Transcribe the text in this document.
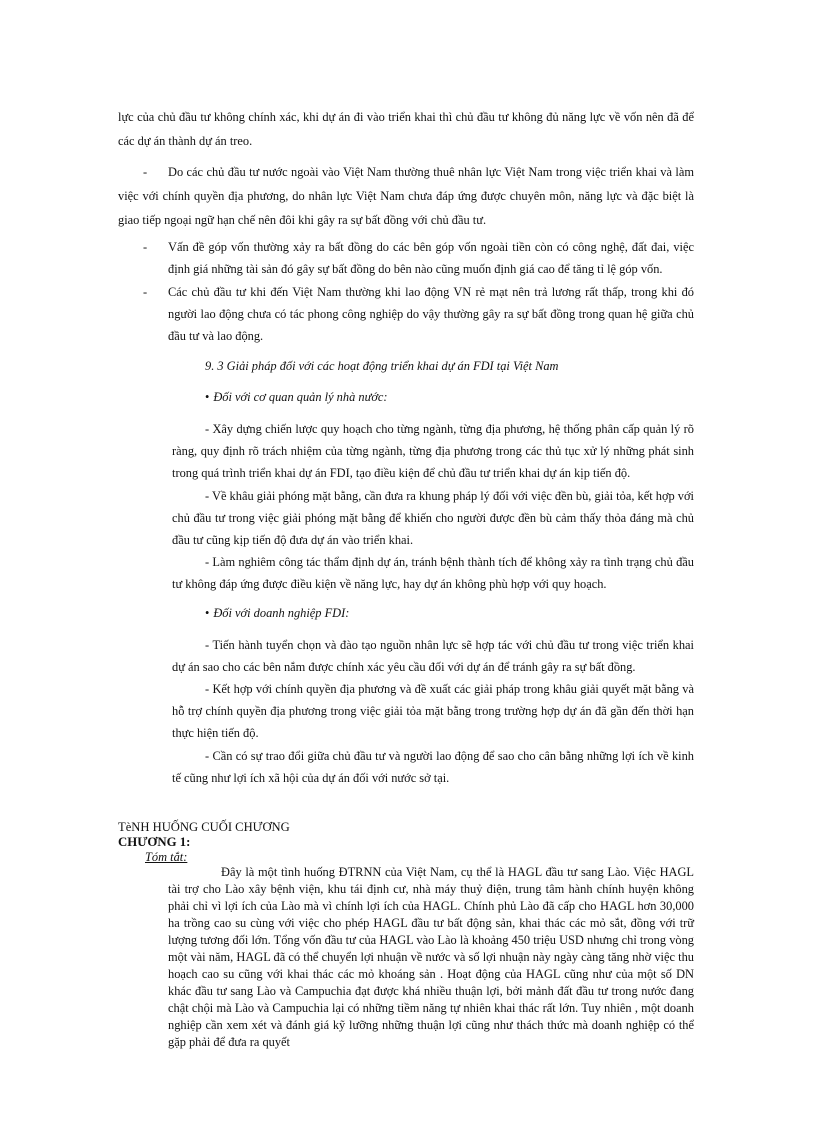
lực của chủ đầu tư không chính xác, khi dự án đi vào triển khai thì chủ đầu tư không đủ năng lực về vốn nên đã để các dự án thành dự án treo.

-	Do các chủ đầu tư nước ngoài vào Việt Nam thường thuê nhân lực Việt Nam trong việc triển khai và làm việc với chính quyền địa phương, do nhân lực Việt Nam chưa đáp ứng được chuyên môn, năng lực và đặc biệt là giao tiếp ngoại ngữ hạn chế nên đôi khi gây ra sự bất đồng với chủ đầu tư.

-	Vấn đề góp vốn thường xảy ra bất đồng do các bên góp vốn ngoài tiền còn có công nghệ, đất đai, việc định giá những tài sản đó gây sự bất đồng do bên nào cũng muốn định giá cao để tăng tỉ lệ góp vốn.

-	Các chủ đầu tư khi đến Việt Nam thường khi lao động VN rẻ mạt nên trả lương rất thấp, trong khi đó người lao động chưa có tác phong công nghiệp do vậy thường gây ra sự bất đồng trong quan hệ giữa chủ đầu tư và lao động.

9. 3 Giải pháp đối với các hoạt động triển khai dự án FDI tại Việt Nam

• Đối với cơ quan quản lý nhà nước:

- Xây dựng chiến lược quy hoạch cho từng ngành, từng địa phương, hệ thống phân cấp quản lý rõ ràng, quy định rõ trách nhiệm của từng ngành, từng địa phương trong các thủ tục xử lý những phát sinh trong quá trình triển khai dự án FDI, tạo điều kiện để chủ đầu tư triển khai dự án kịp tiến độ.

- Về khâu giải phóng mặt bằng, cần đưa ra khung pháp lý đối với việc đền bù, giải tỏa, kết hợp với chủ đầu tư trong việc giải phóng mặt bằng để khiến cho người được đền bù cảm thấy thỏa đáng mà chủ đầu tư cũng kịp tiến độ đưa dự án vào triển khai.

- Làm nghiêm công tác thẩm định dự án, tránh bệnh thành tích để không xảy ra tình trạng chủ đầu tư không đáp ứng được điều kiện về năng lực, hay dự án không phù hợp với quy hoạch.

• Đối với doanh nghiệp FDI:

- Tiến hành tuyển chọn và đào tạo nguồn nhân lực sẽ hợp tác với chủ đầu tư trong việc triển khai dự án sao cho các bên nắm được chính xác yêu cầu đối với dự án để tránh gây ra sự bất đồng.

- Kết hợp với chính quyền địa phương và đề xuất các giải pháp trong khâu giải quyết mặt bằng và hỗ trợ chính quyền địa phương trong việc giải tỏa mặt bằng trong trường hợp dự án đã gần đến thời hạn thực hiện tiến độ.

- Cần có sự trao đổi giữa chủ đầu tư và người lao động để sao cho cân bằng những lợi ích về kinh tế cũng như lợi ích xã hội của dự án đối với nước sở tại.

TèNH HUỐNG CUỐI CHƯƠNG

CHƯƠNG 1:

Tóm tắt:

Đây là một tình huống ĐTRNN của Việt Nam, cụ thể là HAGL đầu tư sang Lào. Việc HAGL tài trợ cho Lào xây bệnh viện, khu tái định cư, nhà máy thuỷ điện, trung tâm hành chính huyện không phải chỉ vì lợi ích của Lào mà vì chính lợi ích của HAGL. Chính phủ Lào đã cấp cho HAGL hơn 30,000 ha trồng cao su cùng với việc cho phép HAGL đầu tư bất động sản, khai thác các mỏ sắt, đồng với trữ lượng tương đối lớn. Tổng vốn đầu tư của HAGL vào Lào là khoảng 450 triệu USD nhưng chỉ trong vòng một vài năm, HAGL đã có thể chuyển lợi nhuận về nước và số lợi nhuận này ngày càng tăng nhờ việc thu hoạch cao su cũng với khai thác các mỏ khoáng sản . Hoạt động của HAGL cũng như của một số DN khác đầu tư sang Lào và Campuchia đạt được khá nhiều thuận lợi, bởi mảnh đất đầu tư trong nước đang chật chội mà Lào và Campuchia lại có những tiềm năng tự nhiên khai thác rất lớn. Tuy nhiên , một doanh nghiệp cần xem xét và đánh giá kỹ lưỡng những thuận lợi cũng như thách thức mà doanh nghiệp có thể gặp phải để đưa ra quyết
